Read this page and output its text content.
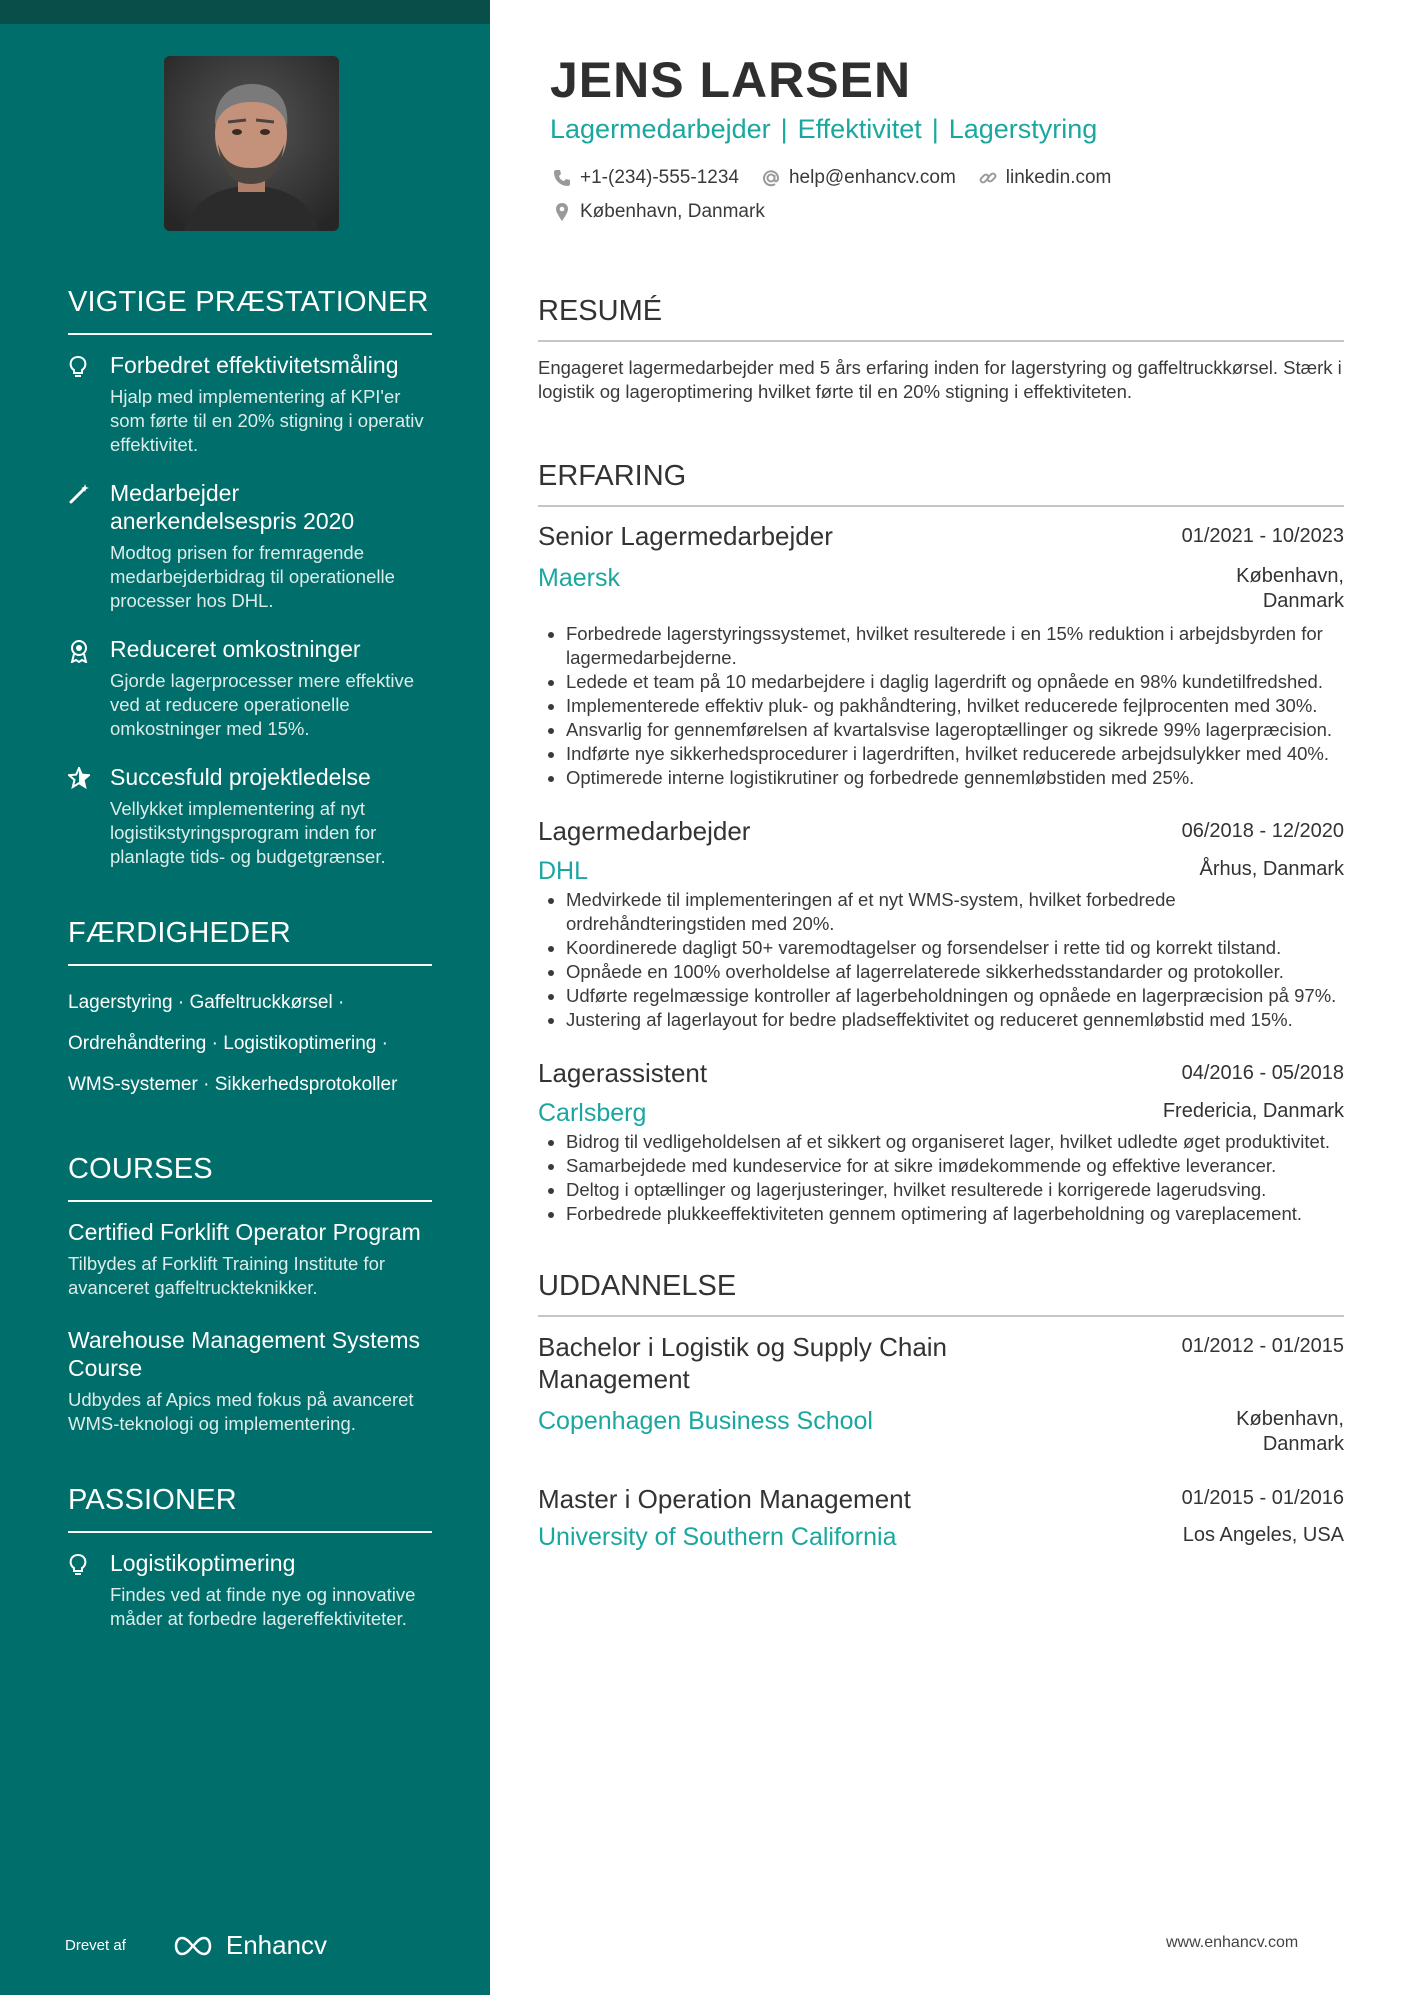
VIGTIGE PRÆSTATIONER
Forbedret effektivitetsmåling
Hjalp med implementering af KPI'er som førte til en 20% stigning i operativ effektivitet.
Medarbejder anerkendelsespris 2020
Modtog prisen for fremragende medarbejderbidrag til operationelle processer hos DHL.
Reduceret omkostninger
Gjorde lagerprocesser mere effektive ved at reducere operationelle omkostninger med 15%.
Succesfuld projektledelse
Vellykket implementering af nyt logistikstyringsprogram inden for planlagte tids- og budgetgrænser.
FÆRDIGHEDER
Lagerstyring · Gaffeltruckkørsel ·
Ordrehåndtering · Logistikoptimering ·
WMS-systemer · Sikkerhedsprotokoller
COURSES
Certified Forklift Operator Program
Tilbydes af Forklift Training Institute for avanceret gaffeltruckteknikker.
Warehouse Management Systems Course
Udbydes af Apics med fokus på avanceret WMS-teknologi og implementering.
PASSIONER
Logistikoptimering
Findes ved at finde nye og innovative måder at forbedre lagereffektiviteter.
Drevet af	Enhancv
JENS LARSEN
Lagermedarbejder | Effektivitet | Lagerstyring
+1-(234)-555-1234	help@enhancv.com	linkedin.com
København, Danmark
RESUMÉ

Engageret lagermedarbejder med 5 års erfaring inden for lagerstyring og gaffeltruckkørsel. Stærk i logistik og lageroptimering hvilket førte til en 20% stigning i effektiviteten.

ERFARING
Senior Lagermedarbejder	01/2021 - 10/2023
Maersk	København,
Danmark
• Forbedrede lagerstyringssystemet, hvilket resulterede i en 15% reduktion i arbejdsbyrden for lagermedarbejderne.
• Ledede et team på 10 medarbejdere i daglig lagerdrift og opnåede en 98% kundetilfredshed.
• Implementerede effektiv pluk- og pakhåndtering, hvilket reducerede fejlprocenten med 30%.
• Ansvarlig for gennemførelsen af kvartalsvise lageroptællinger og sikrede 99% lagerpræcision.
• Indførte nye sikkerhedsprocedurer i lagerdriften, hvilket reducerede arbejdsulykker med 40%.
• Optimerede interne logistikrutiner og forbedrede gennemløbstiden med 25%.
Lagermedarbejder	06/2018 - 12/2020
DHL	Århus, Danmark
• Medvirkede til implementeringen af et nyt WMS-system, hvilket forbedrede ordrehåndteringstiden med 20%.
• Koordinerede dagligt 50+ varemodtagelser og forsendelser i rette tid og korrekt tilstand.
• Opnåede en 100% overholdelse af lagerrelaterede sikkerhedsstandarder og protokoller.
• Udførte regelmæssige kontroller af lagerbeholdningen og opnåede en lagerpræcision på 97%.
• Justering af lagerlayout for bedre pladseffektivitet og reduceret gennemløbstid med 15%.
Lagerassistent	04/2016 - 05/2018
Carlsberg	Fredericia, Danmark
• Bidrog til vedligeholdelsen af et sikkert og organiseret lager, hvilket udledte øget produktivitet.
• Samarbejdede med kundeservice for at sikre imødekommende og effektive leverancer.
• Deltog i optællinger og lagerjusteringer, hvilket resulterede i korrigerede lagerudsving.
• Forbedrede plukkeeffektiviteten gennem optimering af lagerbeholdning og vareplacement.
UDDANNELSE
Bachelor i Logistik og Supply Chain Management
01/2012 - 01/2015
Copenhagen Business School	København,
Danmark
Master i Operation Management	01/2015 - 01/2016
University of Southern California	Los Angeles, USA
www.enhancv.com
